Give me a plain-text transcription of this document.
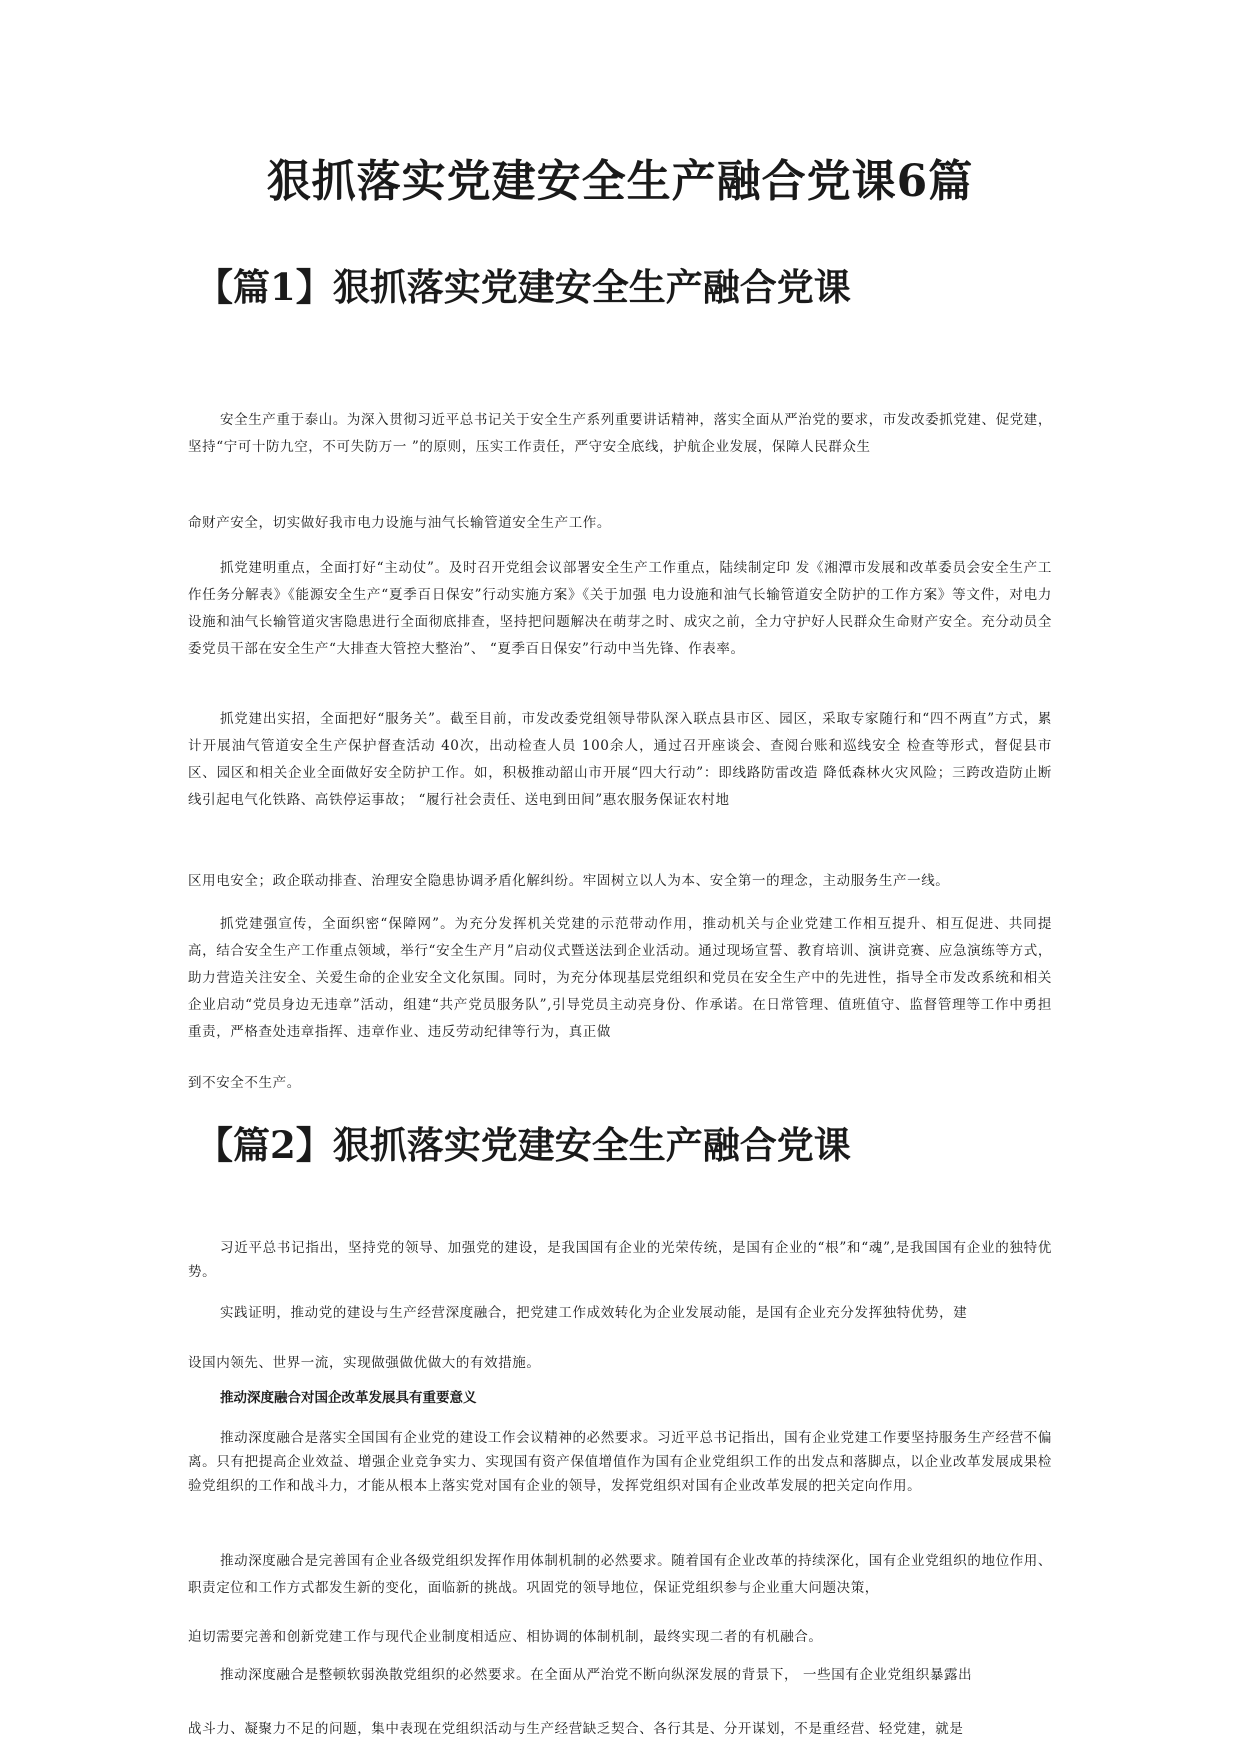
狠抓落实党建安全生产融合党课6篇
【篇1】狠抓落实党建安全生产融合党课

安全生产重于泰山。为深入贯彻习近平总书记关于安全生产系列重要讲话精神，落实全面从严治党的要求，市发改委抓党建、促党建，坚持“宁可十防九空，不可失防万一 ”的原则，压实工作责任，严守安全底线，护航企业发展，保障人民群众生

命财产安全，切实做好我市电力设施与油气长输管道安全生产工作。

抓党建明重点，全面打好“主动仗”。及时召开党组会议部署安全生产工作重点，陆续制定印 发《湘潭市发展和改革委员会安全生产工作任务分解表》《能源安全生产“夏季百日保安”行动实施方案》《关于加强 电力设施和油气长输管道安全防护的工作方案》等文件，对电力设施和油气长输管道灾害隐患进行全面彻底排查，坚持把问题解决在萌芽之时、成灾之前，全力守护好人民群众生命财产安全。充分动员全委党员干部在安全生产“大排查大管控大整治”、 “夏季百日保安”行动中当先锋、作表率。

抓党建出实招，全面把好“服务关”。截至目前，市发改委党组领导带队深入联点县市区、园区，采取专家随行和“四不两直”方式，累计开展油气管道安全生产保护督查活动 40次，出动检查人员 100余人，通过召开座谈会、查阅台账和巡线安全 检查等形式，督促县市区、园区和相关企业全面做好安全防护工作。如，积极推动韶山市开展“四大行动”：即线路防雷改造 降低森林火灾风险；三跨改造防止断线引起电气化铁路、高铁停运事故； “履行社会责任、送电到田间”惠农服务保证农村地

区用电安全；政企联动排查、治理安全隐患协调矛盾化解纠纷。牢固树立以人为本、安全第一的理念，主动服务生产一线。

抓党建强宣传，全面织密“保障网”。为充分发挥机关党建的示范带动作用，推动机关与企业党建工作相互提升、相互促进、共同提高，结合安全生产工作重点领域，举行“安全生产月”启动仪式暨送法到企业活动。通过现场宣誓、教育培训、演讲竞赛、应急演练等方式，助力营造关注安全、关爱生命的企业安全文化氛围。同时，为充分体现基层党组织和党员在安全生产中的先进性，指导全市发改系统和相关企业启动“党员身边无违章”活动，组建“共产党员服务队”,引导党员主动亮身份、作承诺。在日常管理、值班值守、监督管理等工作中勇担重责，严格查处违章指挥、违章作业、违反劳动纪律等行为，真正做

到不安全不生产。

【篇2】狠抓落实党建安全生产融合党课

习近平总书记指出，坚持党的领导、加强党的建设，是我国国有企业的光荣传统，是国有企业的“根”和“魂”,是我国国有企业的独特优势。

实践证明，推动党的建设与生产经营深度融合，把党建工作成效转化为企业发展动能，是国有企业充分发挥独特优势，建

设国内领先、世界一流，实现做强做优做大的有效措施。

推动深度融合对国企改革发展具有重要意义

推动深度融合是落实全国国有企业党的建设工作会议精神的必然要求。习近平总书记指出，国有企业党建工作要坚持服务生产经营不偏离。只有把提高企业效益、增强企业竞争实力、实现国有资产保值增值作为国有企业党组织工作的出发点和落脚点，以企业改革发展成果检验党组织的工作和战斗力，才能从根本上落实党对国有企业的领导，发挥党组织对国有企业改革发展的把关定向作用。

推动深度融合是完善国有企业各级党组织发挥作用体制机制的必然要求。随着国有企业改革的持续深化，国有企业党组织的地位作用、职责定位和工作方式都发生新的变化，面临新的挑战。巩固党的领导地位，保证党组织参与企业重大问题决策，

迫切需要完善和创新党建工作与现代企业制度相适应、相协调的体制机制，最终实现二者的有机融合。

推动深度融合是整顿软弱涣散党组织的必然要求。在全面从严治党不断向纵深发展的背景下， 一些国有企业党组织暴露出

战斗力、凝聚力不足的问题，集中表现在党组织活动与生产经营缺乏契合、各行其是、分开谋划，不是重经营、轻党建，就是
